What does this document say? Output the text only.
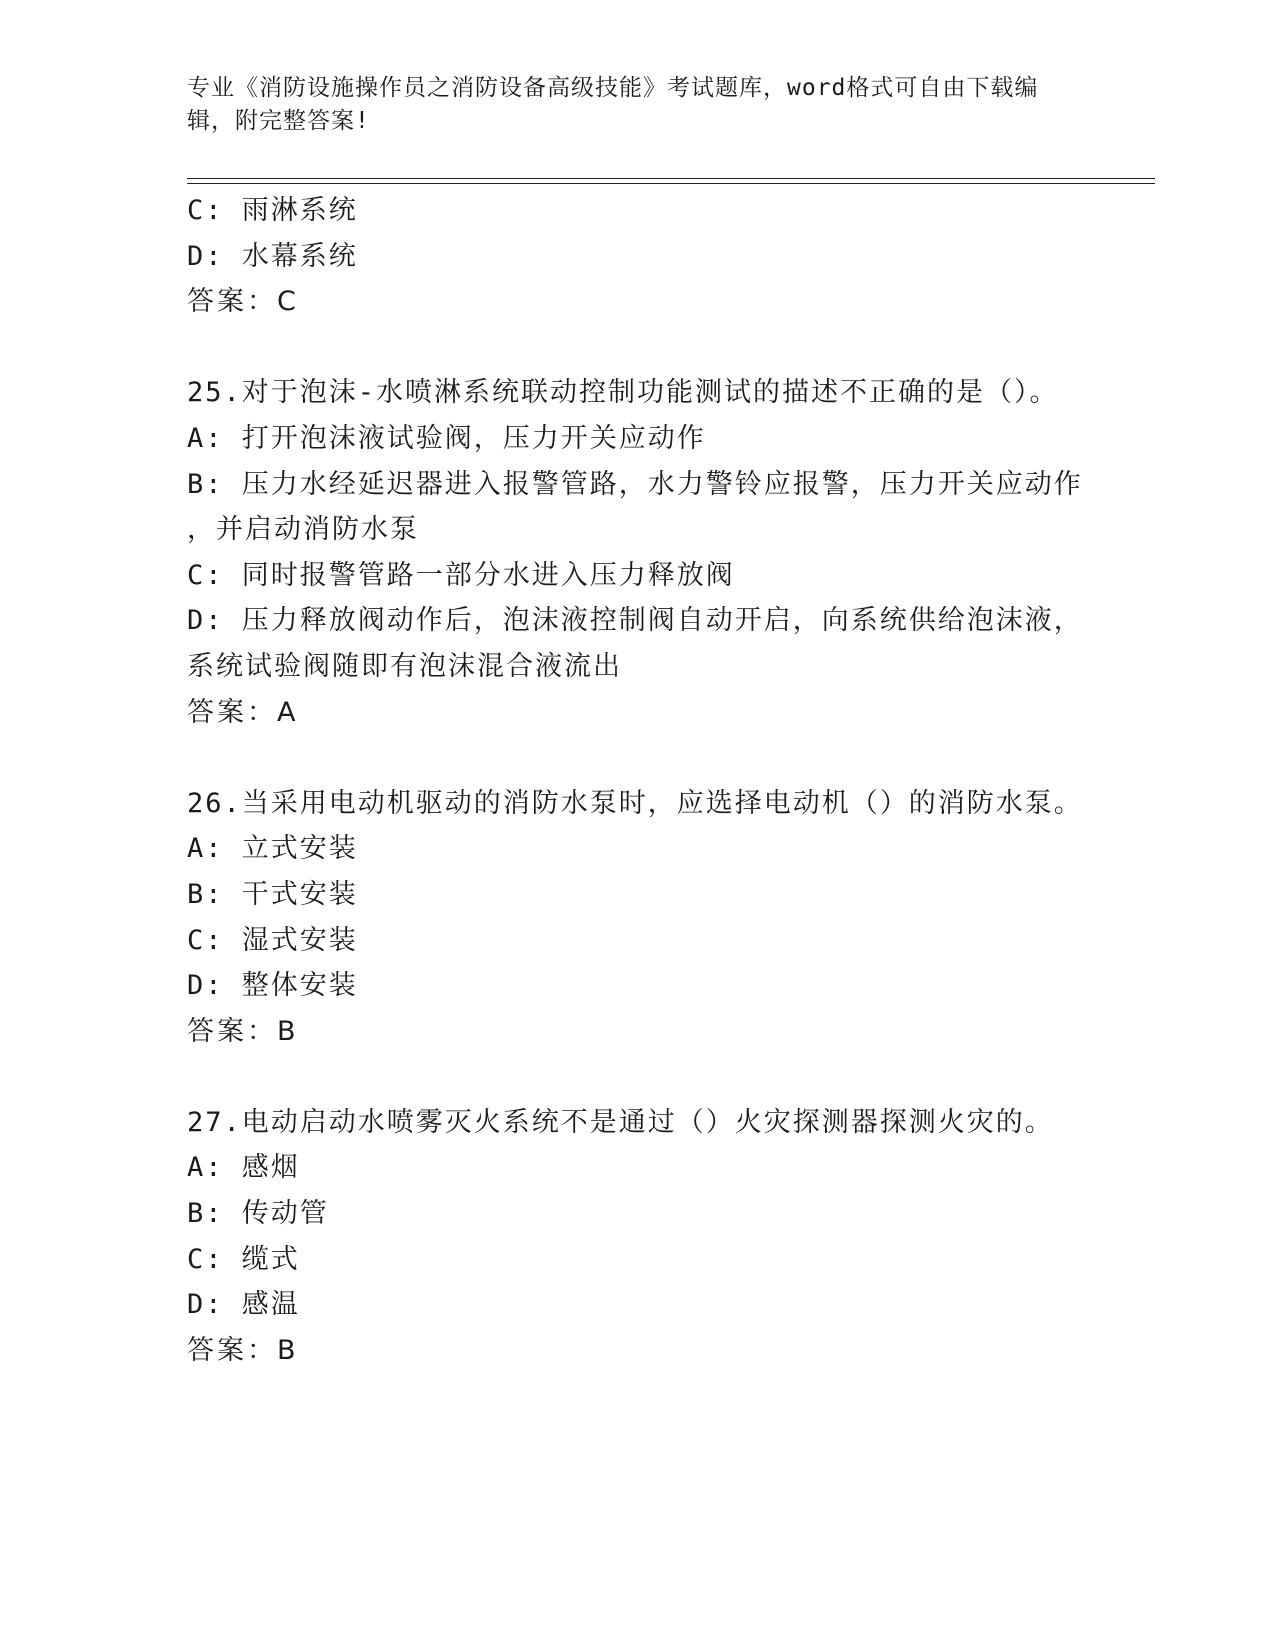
专业《消防设施操作员之消防设备高级技能》考试题库，word格式可自由下载编辑，附完整答案!
C: 雨淋系统
D: 水幕系统
答案：C
25.对于泡沫-水喷淋系统联动控制功能测试的描述不正确的是（）。
A: 打开泡沫液试验阀，压力开关应动作
B: 压力水经延迟器进入报警管路，水力警铃应报警，压力开关应动作
，并启动消防水泵
C: 同时报警管路一部分水进入压力释放阀
D: 压力释放阀动作后，泡沫液控制阀自动开启，向系统供给泡沫液，
系统试验阀随即有泡沫混合液流出
答案：A
26.当采用电动机驱动的消防水泵时，应选择电动机（）的消防水泵。
A: 立式安装
B: 干式安装
C: 湿式安装
D: 整体安装
答案：B
27.电动启动水喷雾灭火系统不是通过（）火灾探测器探测火灾的。
A: 感烟
B: 传动管
C: 缆式
D: 感温
答案：B
